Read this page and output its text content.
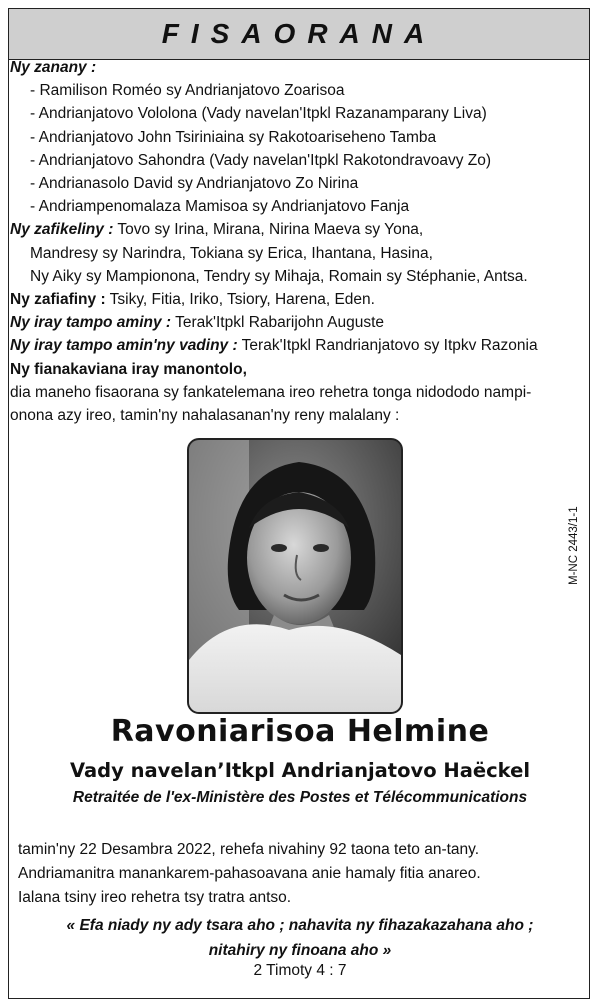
FISAORANA
Ny zanany :
- Ramilison Roméo sy Andrianjatovo Zoarisoa
- Andrianjatovo Vololona (Vady navelan'Itpkl Razanamparany Liva)
- Andrianjatovo John Tsiriniaina sy Rakotoariseheno Tamba
- Andrianjatovo Sahondra (Vady navelan'Itpkl Rakotondravoavy Zo)
- Andrianasolo David sy Andrianjatovo Zo Nirina
- Andriampenomalaza Mamisoa sy Andrianjatovo Fanja
Ny zafikeliny : Tovo sy Irina, Mirana, Nirina Maeva sy Yona,
Mandresy sy Narindra, Tokiana sy Erica, Ihantana, Hasina,
Ny Aiky sy Mampionona, Tendry sy Mihaja, Romain sy Stéphanie, Antsa.
Ny zafiafiny : Tsiky, Fitia, Iriko, Tsiory, Harena, Eden.
Ny iray tampo aminy : Terak'Itpkl Rabarijohn Auguste
Ny iray tampo amin'ny vadiny : Terak'Itpkl Randrianjatovo sy Itpkv Razonia
Ny fianakaviana iray manontolo,
dia maneho fisaorana sy fankatelemana ireo rehetra tonga nidododo nampi-
onona azy ireo, tamin'ny nahalasanan'ny reny malalany :
M-NC 2443/1-1
Ravoniarisoa Helmine
Vady navelan’Itkpl Andrianjatovo Haëckel
Retraitée de l'ex-Ministère des Postes et Télécommunications
tamin'ny 22 Desambra 2022, rehefa nivahiny 92 taona teto an-tany.
Andriamanitra manankarem-pahasoavana anie hamaly fitia anareo.
Ialana tsiny ireo rehetra tsy tratra antso.
« Efa niady ny ady tsara aho ; nahavita ny fihazakazahana aho ;
nitahiry ny finoana aho »
2 Timoty 4 : 7
